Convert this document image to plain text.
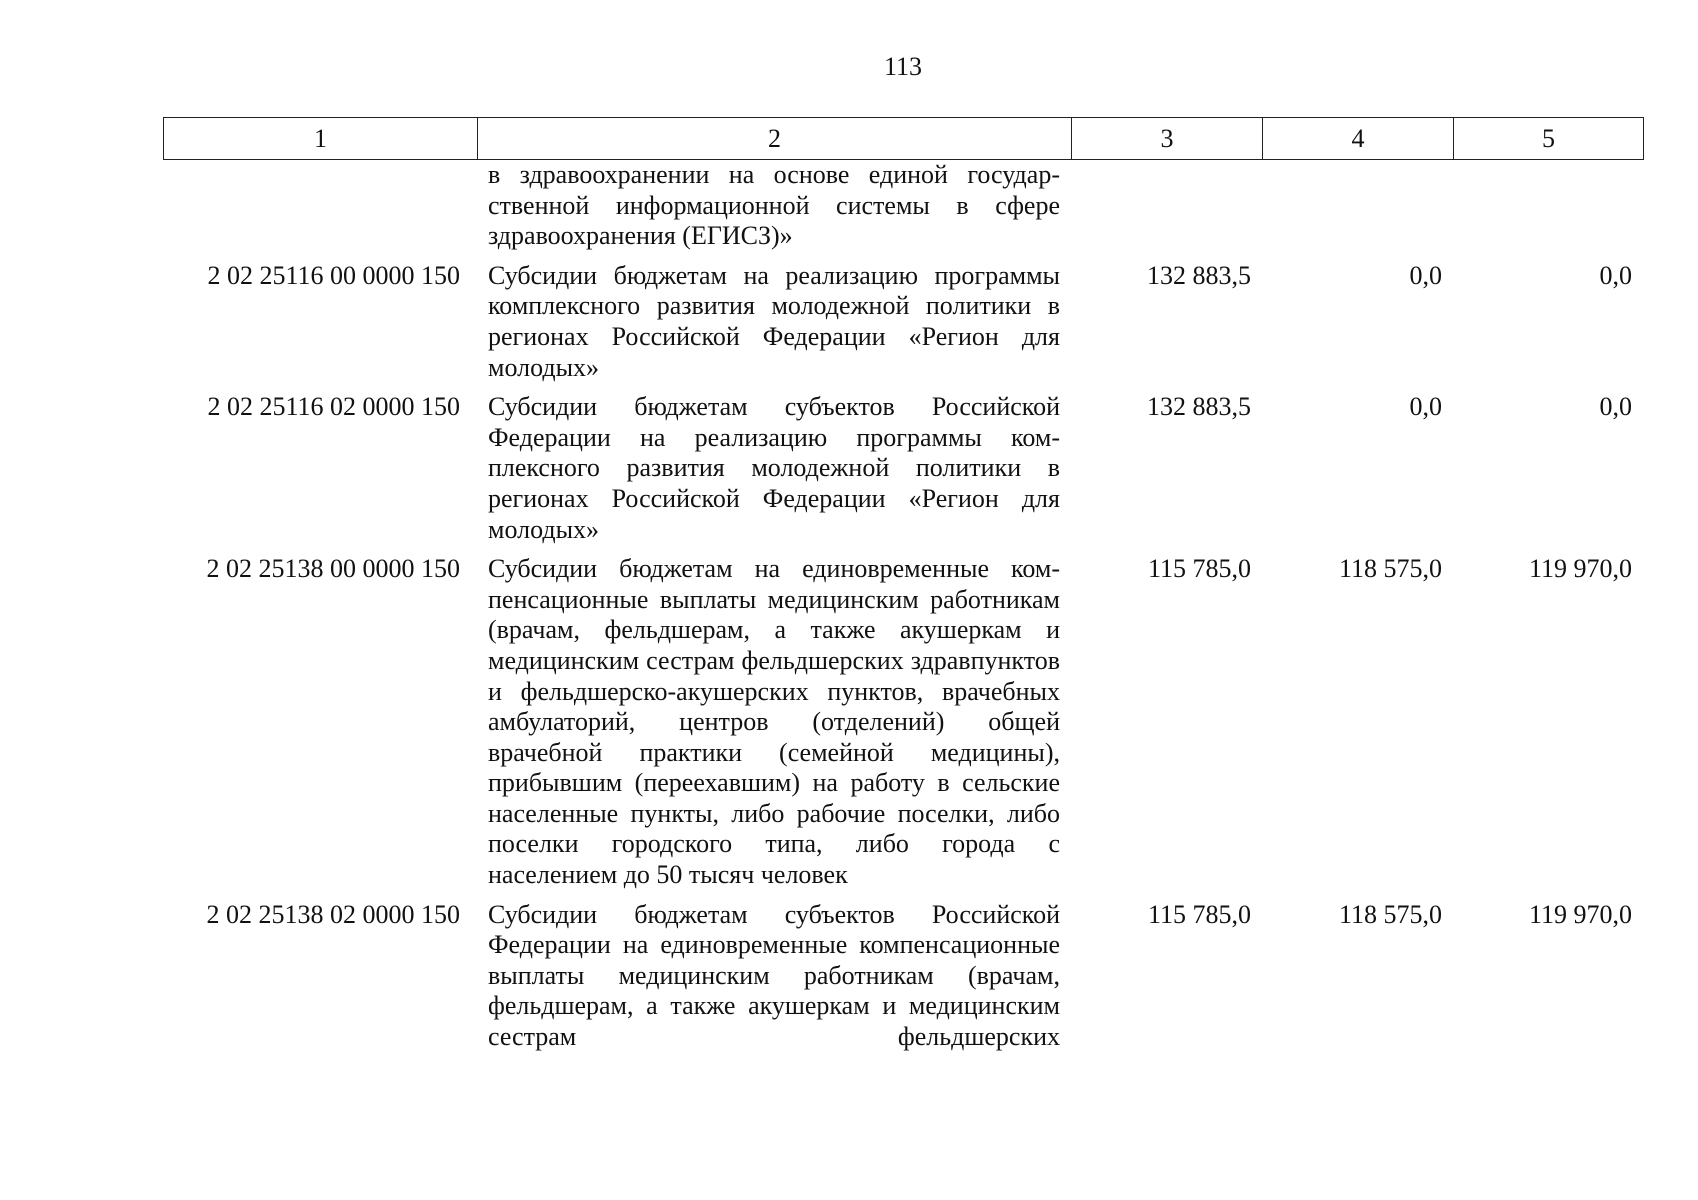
113
1	2	3	4	5
	в здравоохранении на основе единой государственной информационной системы в сфере здравоохранения (ЕГИСЗ)»			
2 02 25116 00 0000 150	Субсидии бюджетам на реализацию программы комплексного развития молодежной политики в регионах Российской Федерации «Регион для молодых»	132 883,5	0,0	0,0
2 02 25116 02 0000 150	Субсидии бюджетам субъектов Российской Федерации на реализацию программы комплексного развития молодежной политики в регионах Российской Федерации «Регион для молодых»	132 883,5	0,0	0,0
2 02 25138 00 0000 150	Субсидии бюджетам на единовременные компенсационные выплаты медицинским работникам (врачам, фельдшерам, а также акушеркам и медицинским сестрам фельдшерских здравпунктов и фельдшерско-акушерских пунктов, врачебных амбулаторий, центров (отделений) общей врачебной практики (семейной медицины), прибывшим (переехавшим) на работу в сельские населенные пункты, либо рабочие поселки, либо поселки городского типа, либо города с населением до 50 тысяч человек	115 785,0	118 575,0	119 970,0
2 02 25138 02 0000 150	Субсидии бюджетам субъектов Российской Федерации на единовременные компенсационные выплаты медицинским работникам (врачам, фельдшерам, а также акушеркам и медицинским сестрам фельдшерских	115 785,0	118 575,0	119 970,0
